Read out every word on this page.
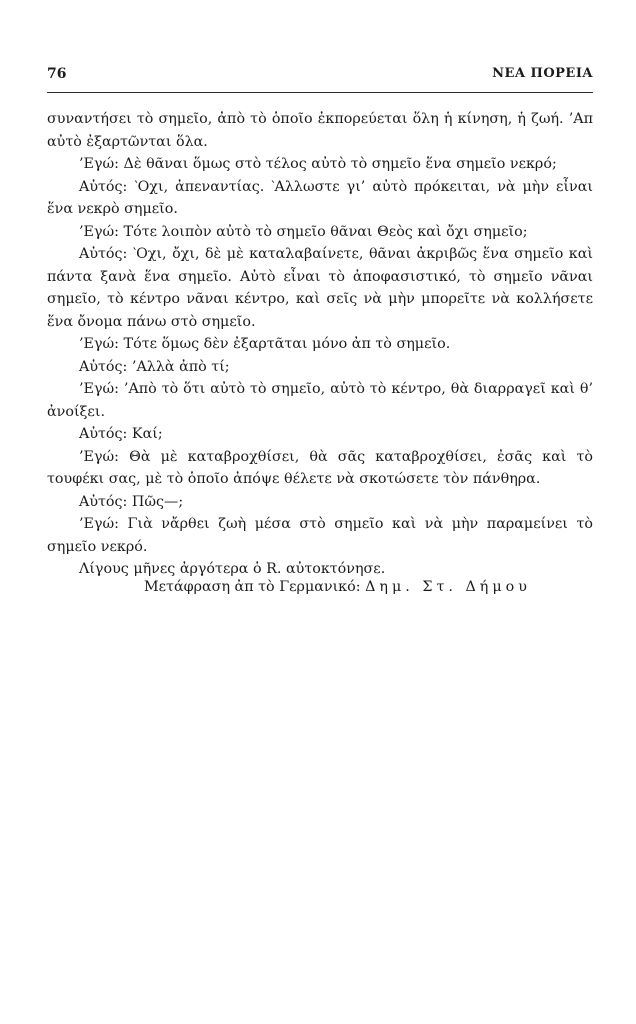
76	ΝΕΑ ΠΟΡΕΙΑ

συναντήσει τὸ σημεῖο, ἀπὸ τὸ ὁποῖο ἐκπορεύεται ὅλη ἡ κίνηση, ἡ ζωή. ’Απ αὐτὸ ἐξαρτῶνται ὅλα.

’Εγώ: Δὲ θᾶναι ὅμως στὸ τέλος αὐτὸ τὸ σημεῖο ἕνα σημεῖο νεκρό;

Αὐτός: ‵Οχι, ἀπεναντίας. ‵Αλλωστε γι’ αὐτὸ πρόκειται, νὰ μὴν εἶναι ἕνα νεκρὸ σημεῖο.

’Εγώ: Τότε λοιπὸν αὐτὸ τὸ σημεῖο θᾶναι Θεὸς καὶ ὄχι σημεῖο;

Αὐτός: ‵Οχι, ὄχι, δὲ μὲ καταλαβαίνετε, θᾶναι ἀκριβῶς ἕνα σημεῖο καὶ πάντα ξανὰ ἕνα σημεῖο. Αὐτὸ εἶναι τὸ ἀποφασιστικό, τὸ σημεῖο νᾶναι σημεῖο, τὸ κέντρο νᾶναι κέντρο, καὶ σεῖς νὰ μὴν μπορεῖτε νὰ κολλήσετε ἕνα ὄνομα πάνω στὸ σημεῖο.

’Εγώ: Τότε ὅμως δὲν ἐξαρτᾶται μόνο ἀπ τὸ σημεῖο.

Αὐτός: ’Αλλὰ ἀπὸ τί;

’Εγώ: ’Απὸ τὸ ὅτι αὐτὸ τὸ σημεῖο, αὐτὸ τὸ κέντρο, θὰ διαρραγεῖ καὶ θ’ ἀνοίξει.

Αὐτός: Καί;

’Εγώ: Θὰ μὲ καταβροχθίσει, θὰ σᾶς καταβροχθίσει, ἐσᾶς καὶ τὸ τουφέκι σας, μὲ τὸ ὁποῖο ἀπόψε θέλετε νὰ σκοτώσετε τὸν πάνθηρα.

Αὐτός: Πῶς—;

’Εγώ: Γιὰ νἄρθει ζωὴ μέσα στὸ σημεῖο καὶ νὰ μὴν παραμείνει τὸ σημεῖο νεκρό.

Λίγους μῆνες ἀργότερα ὁ R. αὐτοκτόνησε.

Μετάφραση ἀπ τὸ Γερμανικό: Δημ. Στ. Δήμου
